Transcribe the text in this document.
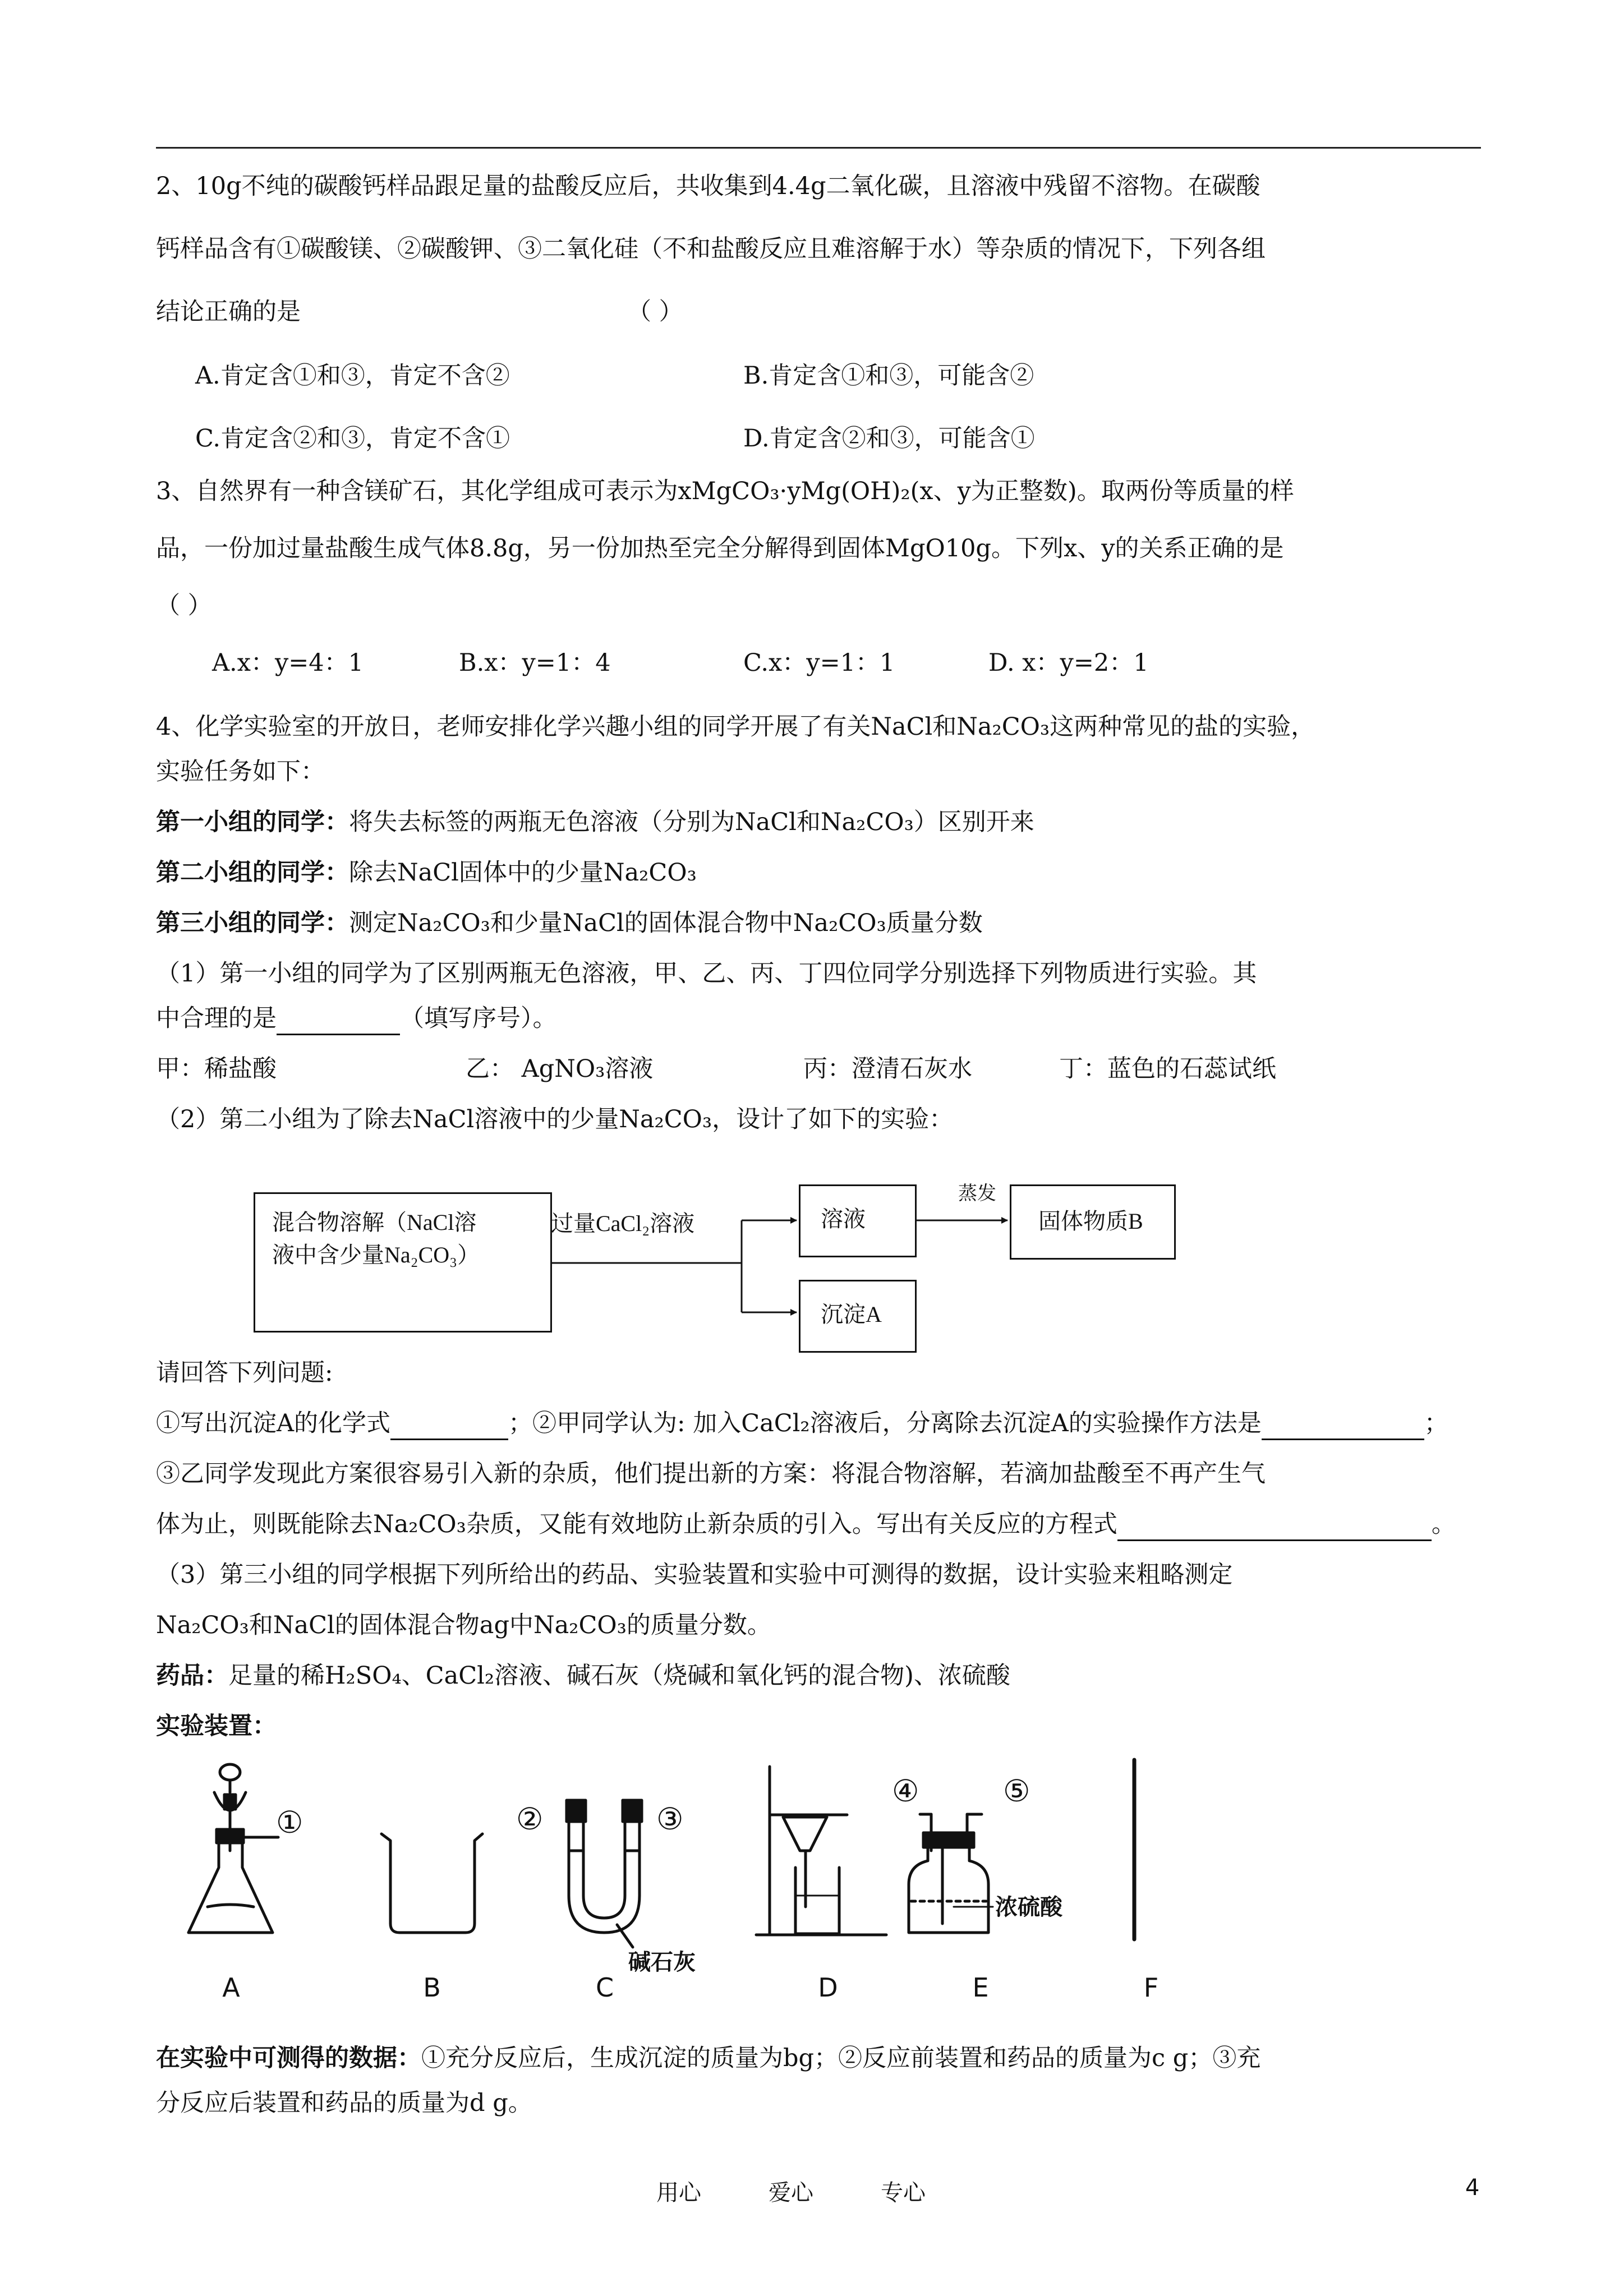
2、10g不纯的碳酸钙样品跟足量的盐酸反应后，共收集到4.4g二氧化碳，且溶液中残留不溶物。在碳酸
钙样品含有①碳酸镁、②碳酸钾、③二氧化硅（不和盐酸反应且难溶解于水）等杂质的情况下，下列各组
结论正确的是	（ ）
A.肯定含①和③，肯定不含②	B.肯定含①和③，可能含②
C.肯定含②和③，肯定不含①	D.肯定含②和③，可能含①
3、自然界有一种含镁矿石，其化学组成可表示为xMgCO₃·yMg(OH)₂(x、y为正整数)。取两份等质量的样
品，一份加过量盐酸生成气体8.8g，另一份加热至完全分解得到固体MgO10g。下列x、y的关系正确的是
（ ）
A.x：y=4：1	B.x：y=1：4	C.x：y=1：1	D. x：y=2：1
4、化学实验室的开放日，老师安排化学兴趣小组的同学开展了有关NaCl和Na₂CO₃这两种常见的盐的实验，
实验任务如下：
第一小组的同学：将失去标签的两瓶无色溶液（分别为NaCl和Na₂CO₃）区别开来
第二小组的同学：除去NaCl固体中的少量Na₂CO₃
第三小组的同学：测定Na₂CO₃和少量NaCl的固体混合物中Na₂CO₃质量分数
（1）第一小组的同学为了区别两瓶无色溶液，甲、乙、丙、丁四位同学分别选择下列物质进行实验。其
中合理的是	（填写序号）。
甲：稀盐酸	乙： AgNO₃溶液	丙：澄清石灰水	丁：蓝色的石蕊试纸
（2）第二小组为了除去NaCl溶液中的少量Na₂CO₃，设计了如下的实验：
混合物溶解（NaCl溶
液中含少量Na₂CO₃）
过量CaCl₂溶液	溶液
蒸发
固体物质B
沉淀A
请回答下列问题:
①写出沉淀A的化学式	；②甲同学认为: 加入CaCl₂溶液后，分离除去沉淀A的实验操作方法是	；
③乙同学发现此方案很容易引入新的杂质，他们提出新的方案：将混合物溶解，若滴加盐酸至不再产生气
体为止，则既能除去Na₂CO₃杂质，又能有效地防止新杂质的引入。写出有关反应的方程式	。
（3）第三小组的同学根据下列所给出的药品、实验装置和实验中可测得的数据，设计实验来粗略测定
Na₂CO₃和NaCl的固体混合物ag中Na₂CO₃的质量分数。
药品：足量的稀H₂SO₄、CaCl₂溶液、碱石灰（烧碱和氧化钙的混合物)、浓硫酸
实验装置：
①	②	③
④	⑤
碱石灰
浓硫酸
A	B	C	D	E	F
在实验中可测得的数据：①充分反应后，生成沉淀的质量为bg；②反应前装置和药品的质量为c g；③充
分反应后装置和药品的质量为d g。
用心	爱心	专心	4
